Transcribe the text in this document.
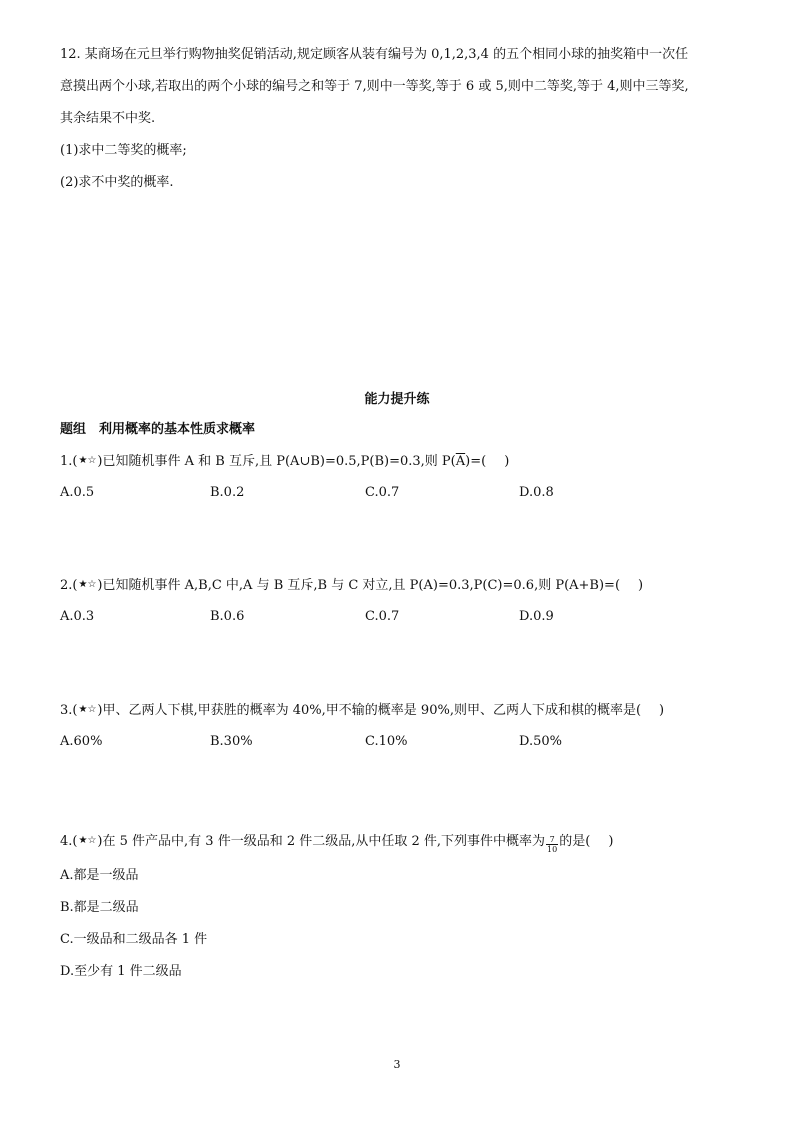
12. 某商场在元旦举行购物抽奖促销活动,规定顾客从装有编号为 0,1,2,3,4 的五个相同小球的抽奖箱中一次任
意摸出两个小球,若取出的两个小球的编号之和等于 7,则中一等奖,等于 6 或 5,则中二等奖,等于 4,则中三等奖,
其余结果不中奖.
(1)求中二等奖的概率;
(2)求不中奖的概率.
能力提升练
题组　利用概率的基本性质求概率
1.(★☆)已知随机事件 A 和 B 互斥,且 P(A∪B)=0.5,P(B)=0.3,则 $P(\overline{A})=$( )
A.0.5	B.0.2	C.0.7	D.0.8
2.(★☆)已知随机事件 A,B,C 中,A 与 B 互斥,B 与 C 对立,且 P(A)=0.3,P(C)=0.6,则 P(A+B)=( )
A.0.3	B.0.6	C.0.7	D.0.9
3.(★☆)甲、乙两人下棋,甲获胜的概率为 40%,甲不输的概率是 90%,则甲、乙两人下成和棋的概率是( )
A.60%	B.30%	C.10%	D.50%
4.(★☆)在 5 件产品中,有 3 件一级品和 2 件二级品,从中任取 2 件,下列事件中概率为 $\frac{7}{10}$ 的是( )
A.都是一级品
B.都是二级品
C.一级品和二级品各 1 件
D.至少有 1 件二级品
3
